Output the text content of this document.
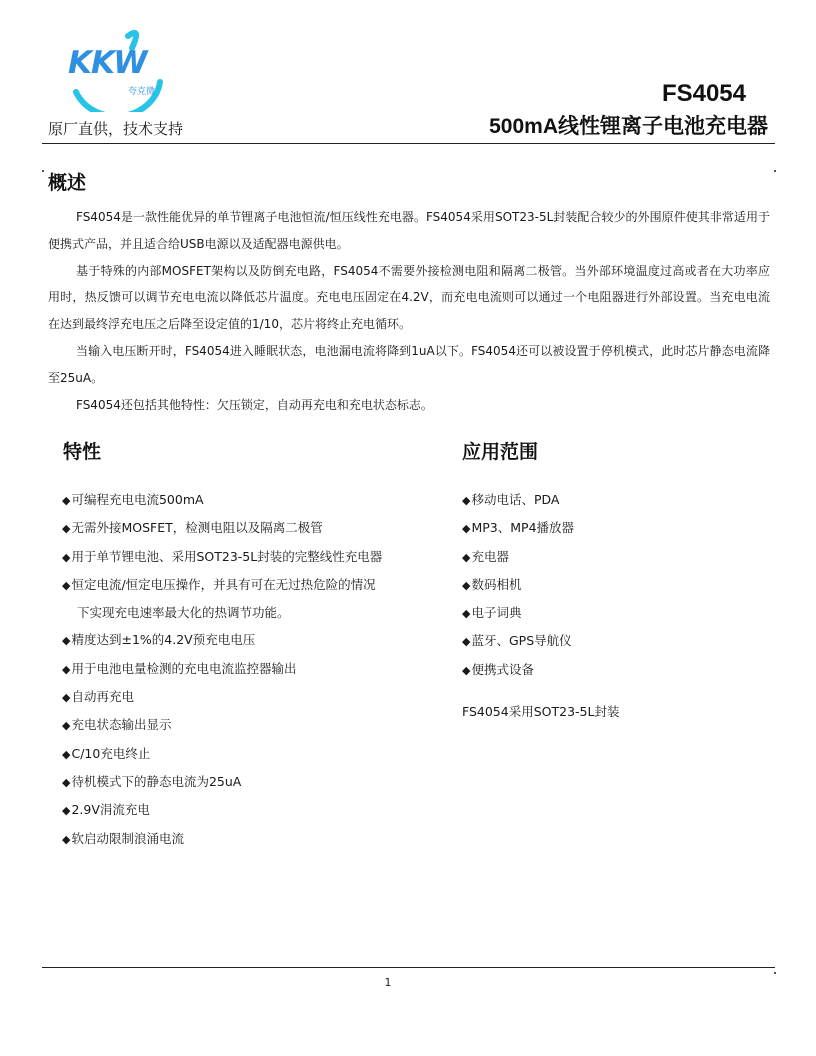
KKW

夸克微

原厂直供，技术支持

FS4054

500mA线性锂离子电池充电器

概述

FS4054是一款性能优异的单节锂离子电池恒流/恒压线性充电器。FS4054采用SOT23-5L封装配合较少的外围原件使其非常适用于便携式产品，并且适合给USB电源以及适配器电源供电。

基于特殊的内部MOSFET架构以及防倒充电路，FS4054不需要外接检测电阻和隔离二极管。当外部环境温度过高或者在大功率应用时，热反馈可以调节充电电流以降低芯片温度。充电电压固定在4.2V，而充电电流则可以通过一个电阻器进行外部设置。当充电电流在达到最终浮充电压之后降至设定值的1/10，芯片将终止充电循环。

当输入电压断开时，FS4054进入睡眠状态，电池漏电流将降到1uA以下。FS4054还可以被设置于停机模式，此时芯片静态电流降至25uA。

FS4054还包括其他特性：欠压锁定，自动再充电和充电状态标志。

特性
◆可编程充电电流500mA
◆无需外接MOSFET，检测电阻以及隔离二极管
◆用于单节锂电池、采用SOT23-5L封装的完整线性充电器
◆恒定电流/恒定电压操作，并具有可在无过热危险的情况
下实现充电速率最大化的热调节功能。
◆精度达到±1%的4.2V预充电电压
◆用于电池电量检测的充电电流监控器输出
◆自动再充电
◆充电状态输出显示
◆C/10充电终止
◆待机模式下的静态电流为25uA
◆2.9V涓流充电
◆软启动限制浪涌电流
应用范围
◆移动电话、PDA
◆MP3、MP4播放器
◆充电器
◆数码相机
◆电子词典
◆蓝牙、GPS导航仪
◆便携式设备

FS4054采用SOT23-5L封装

1
